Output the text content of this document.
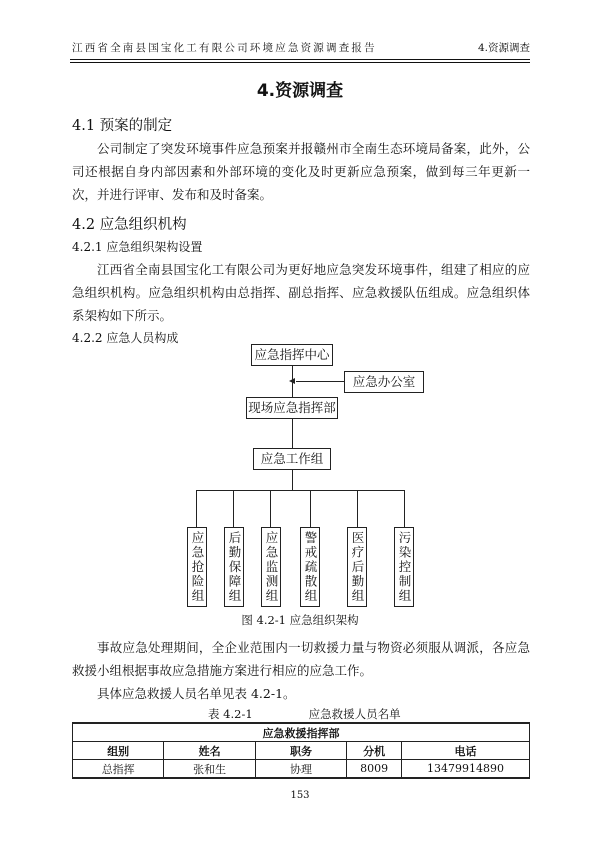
江西省全南县国宝化工有限公司环境应急资源调查报告	4.资源调查
4.资源调查
4.1 预案的制定
公司制定了突发环境事件应急预案并报赣州市全南生态环境局备案，此外，公司还根据自身内部因素和外部环境的变化及时更新应急预案，做到每三年更新一次，并进行评审、发布和及时备案。
4.2 应急组织机构
4.2.1 应急组织架构设置
江西省全南县国宝化工有限公司为更好地应急突发环境事件，组建了相应的应急组织机构。应急组织机构由总指挥、副总指挥、应急救援队伍组成。应急组织体系架构如下所示。
4.2.2 应急人员构成
应急指挥中心
应急办公室
现场应急指挥部
应急工作组
应急抢险组 后勤保障组 应急监测组 警戒疏散组	医疗后勤组	污染控制组
图 4.2-1 应急组织架构
事故应急处理期间，全企业范围内一切救援力量与物资必须服从调派，各应急救援小组根据事故应急措施方案进行相应的应急工作。
具体应急救援人员名单见表 4.2-1。
表 4.2-1	应急救援人员名单
应急救援指挥部				
组别	姓名	职务	分机	电话
总指挥	张和生	协理	8009	13479914890
153
